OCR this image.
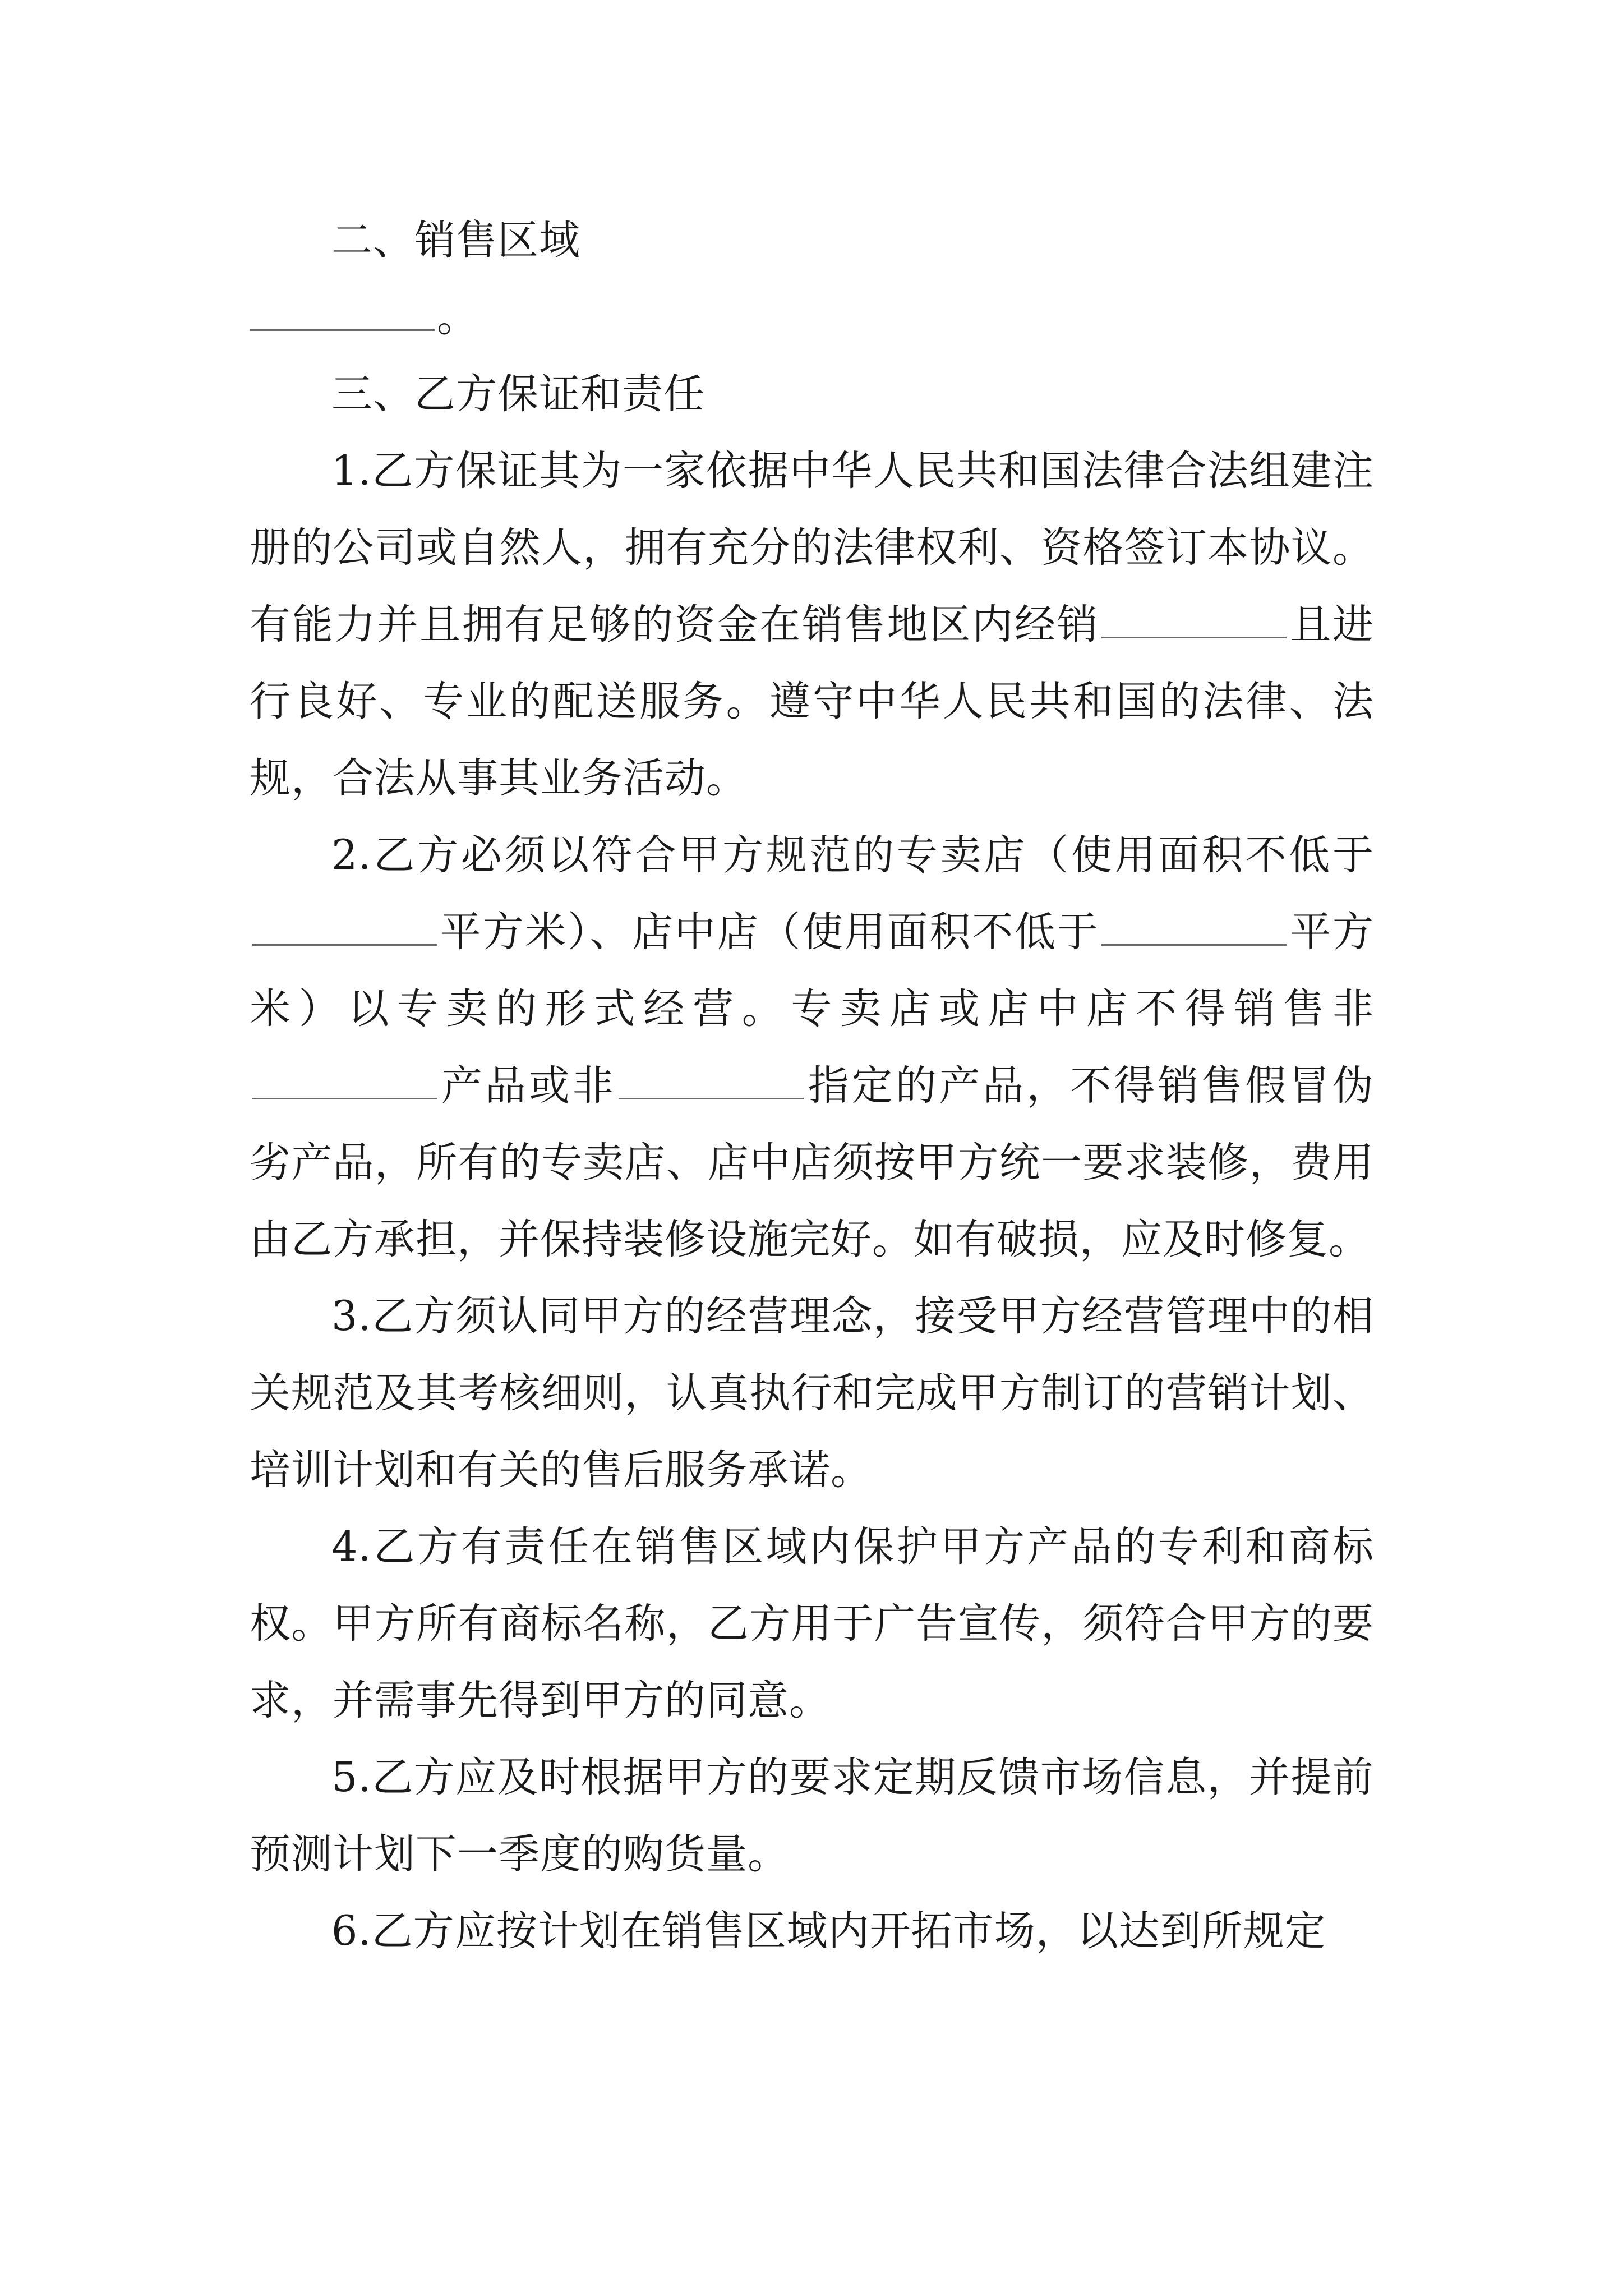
二、销售区域

。

三、乙方保证和责任

1.乙方保证其为一家依据中华人民共和国法律合法组建注册的公司或自然人，拥有充分的法律权利、资格签订本协议。有能力并且拥有足够的资金在销售地区内经销	且进行良好、专业的配送服务。遵守中华人民共和国的法律、法规，合法从事其业务活动。

2.乙方必须以符合甲方规范的专卖店（使用面积不低于平方米）、店中店（使用面积不低于	平方米）以专卖的形式经营。专卖店或店中店不得销售非产品或非	指定的产品，不得销售假冒伪劣产品，所有的专卖店、店中店须按甲方统一要求装修，费用由乙方承担，并保持装修设施完好。如有破损，应及时修复。

3.乙方须认同甲方的经营理念，接受甲方经营管理中的相关规范及其考核细则，认真执行和完成甲方制订的营销计划、培训计划和有关的售后服务承诺。

4.乙方有责任在销售区域内保护甲方产品的专利和商标权。甲方所有商标名称，乙方用于广告宣传，须符合甲方的要求，并需事先得到甲方的同意。

5.乙方应及时根据甲方的要求定期反馈市场信息，并提前预测计划下一季度的购货量。

6.乙方应按计划在销售区域内开拓市场，以达到所规定
